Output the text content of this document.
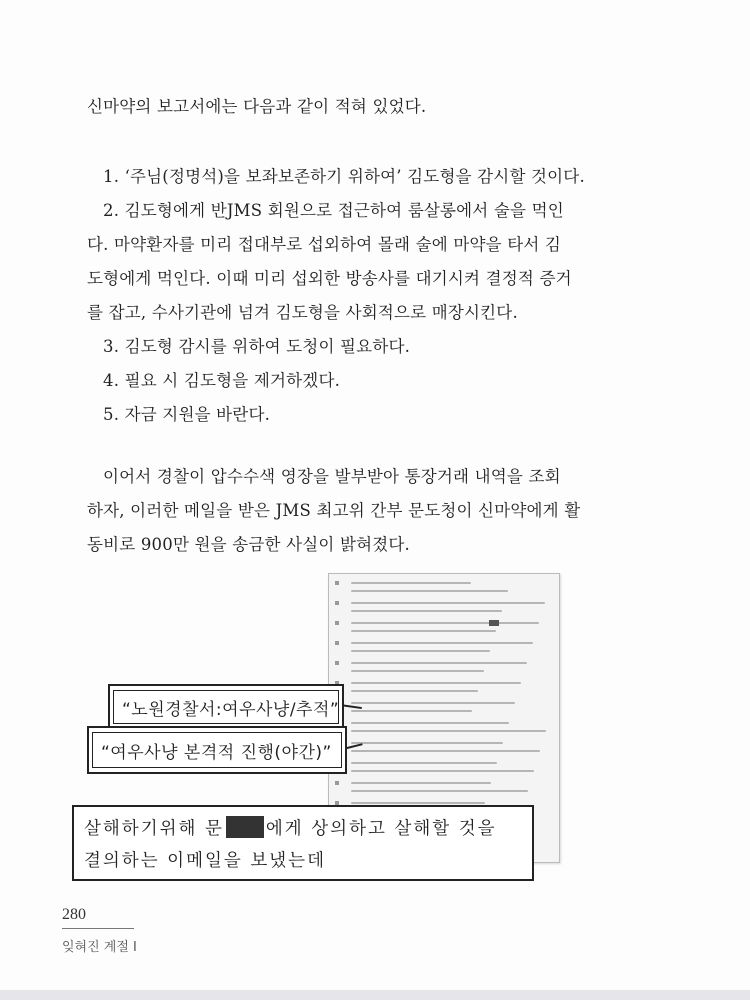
신마약의 보고서에는 다음과 같이 적혀 있었다.

1. ‘주님(정명석)을 보좌보존하기 위하여’ 김도형을 감시할 것이다.
2. 김도형에게 반JMS 회원으로 접근하여 룸살롱에서 술을 먹인
다. 마약환자를 미리 접대부로 섭외하여 몰래 술에 마약을 타서 김
도형에게 먹인다. 이때 미리 섭외한 방송사를 대기시켜 결정적 증거
를 잡고, 수사기관에 넘겨 김도형을 사회적으로 매장시킨다.
3. 김도형 감시를 위하여 도청이 필요하다.
4. 필요 시 김도형을 제거하겠다.
5. 자금 지원을 바란다.
이어서 경찰이 압수수색 영장을 발부받아 통장거래 내역을 조회
하자, 이러한 메일을 받은 JMS 최고위 간부 문도청이 신마약에게 활
동비로 900만 원을 송금한 사실이 밝혀졌다.
“노원경찰서:여우사냥/추적”
“여우사냥 본격적 진행(야간)”
살해하기위해 문 에게 상의하고 살해할 것을
결의하는 이메일을 보냈는데
280
잊혀진 계절 I
